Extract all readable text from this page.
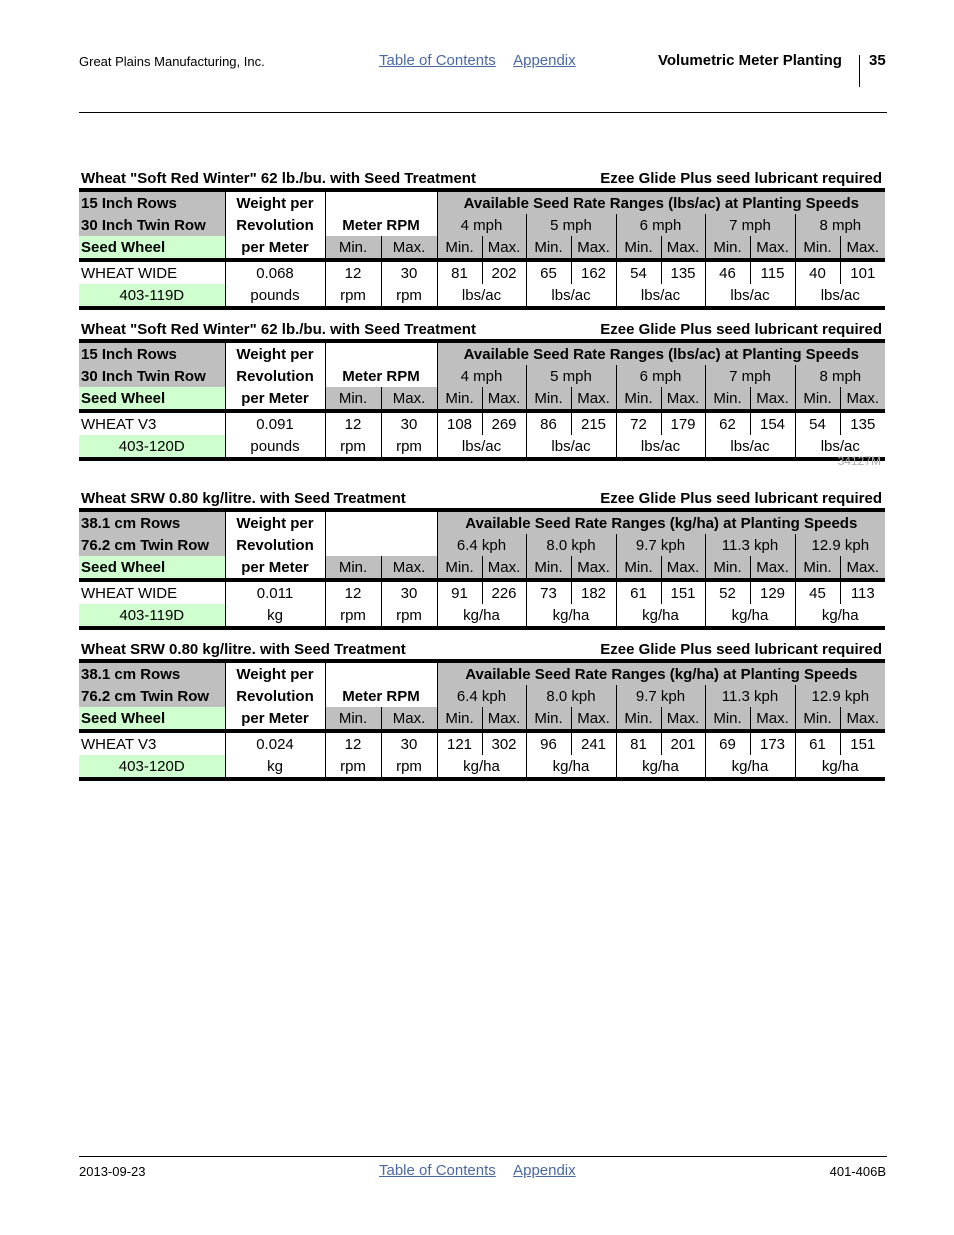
Great Plains Manufacturing, Inc.	Table of Contents Appendix	Volumetric Meter Planting 35
Wheat "Soft Red Winter" 62 lb./bu. with Seed Treatment	Ezee Glide Plus seed lubricant required
15 Inch Rows	Weight per			Available Seed Rate Ranges (lbs/ac) at Planting Speeds									
30 Inch Twin Row	Revolution	Meter RPM		4 mph		5 mph		6 mph		7 mph		8 mph	
Seed Wheel	per Meter	Min.	Max.	Min.	Max.	Min.	Max.	Min.	Max.	Min.	Max.	Min.	Max.
WHEAT WIDE	0.068	12	30	81	202	65	162	54	135	46	115	40	101
403-119D	pounds	rpm	rpm	lbs/ac		lbs/ac		lbs/ac		lbs/ac		lbs/ac	
Wheat "Soft Red Winter" 62 lb./bu. with Seed Treatment	Ezee Glide Plus seed lubricant required
15 Inch Rows	Weight per			Available Seed Rate Ranges (lbs/ac) at Planting Speeds									
30 Inch Twin Row	Revolution	Meter RPM		4 mph		5 mph		6 mph		7 mph		8 mph	
Seed Wheel	per Meter	Min.	Max.	Min.	Max.	Min.	Max.	Min.	Max.	Min.	Max.	Min.	Max.
WHEAT V3	0.091	12	30	108	269	86	215	72	179	62	154	54	135
403-120D	pounds	rpm	rpm	lbs/ac		lbs/ac		lbs/ac		lbs/ac		lbs/ac	
34127M
Wheat SRW 0.80 kg/litre. with Seed Treatment	Ezee Glide Plus seed lubricant required
38.1 cm Rows	Weight per			Available Seed Rate Ranges (kg/ha) at Planting Speeds									
76.2 cm Twin Row	Revolution			6.4 kph		8.0 kph		9.7 kph		11.3 kph		12.9 kph	
Seed Wheel	per Meter	Min.	Max.	Min.	Max.	Min.	Max.	Min.	Max.	Min.	Max.	Min.	Max.
WHEAT WIDE	0.011	12	30	91	226	73	182	61	151	52	129	45	113
403-119D	kg	rpm	rpm	kg/ha		kg/ha		kg/ha		kg/ha		kg/ha	
Wheat SRW 0.80 kg/litre. with Seed Treatment	Ezee Glide Plus seed lubricant required
38.1 cm Rows	Weight per			Available Seed Rate Ranges (kg/ha) at Planting Speeds									
76.2 cm Twin Row	Revolution	Meter RPM		6.4 kph		8.0 kph		9.7 kph		11.3 kph		12.9 kph	
Seed Wheel	per Meter	Min.	Max.	Min.	Max.	Min.	Max.	Min.	Max.	Min.	Max.	Min.	Max.
WHEAT V3	0.024	12	30	121	302	96	241	81	201	69	173	61	151
403-120D	kg	rpm	rpm	kg/ha		kg/ha		kg/ha		kg/ha		kg/ha	
2013-09-23	Table of Contents Appendix	401-406B
